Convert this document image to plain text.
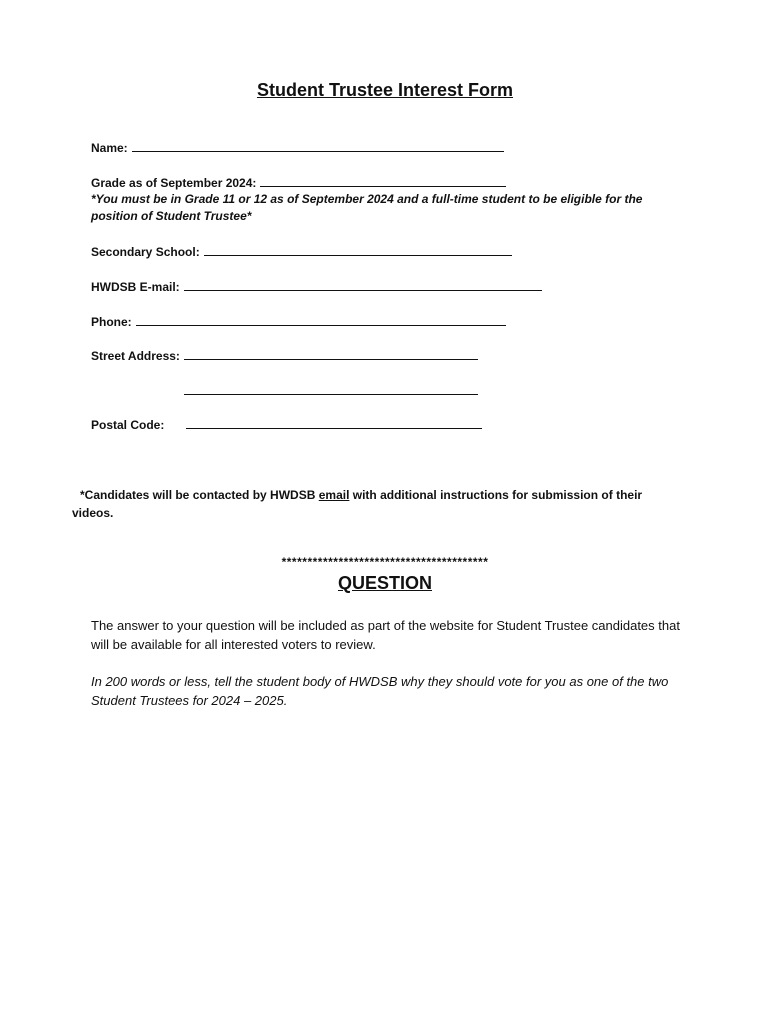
Student Trustee Interest Form
Name:
Grade as of September 2024:
*You must be in Grade 11 or 12 as of September 2024 and a full-time student to be eligible for the position of Student Trustee*
Secondary School:
HWDSB E-mail:
Phone:
Street Address:
Postal Code:
*Candidates will be contacted by HWDSB email with additional instructions for submission of their videos.
****************************************
QUESTION
The answer to your question will be included as part of the website for Student Trustee candidates that will be available for all interested voters to review.
In 200 words or less, tell the student body of HWDSB why they should vote for you as one of the two Student Trustees for 2024 – 2025.
